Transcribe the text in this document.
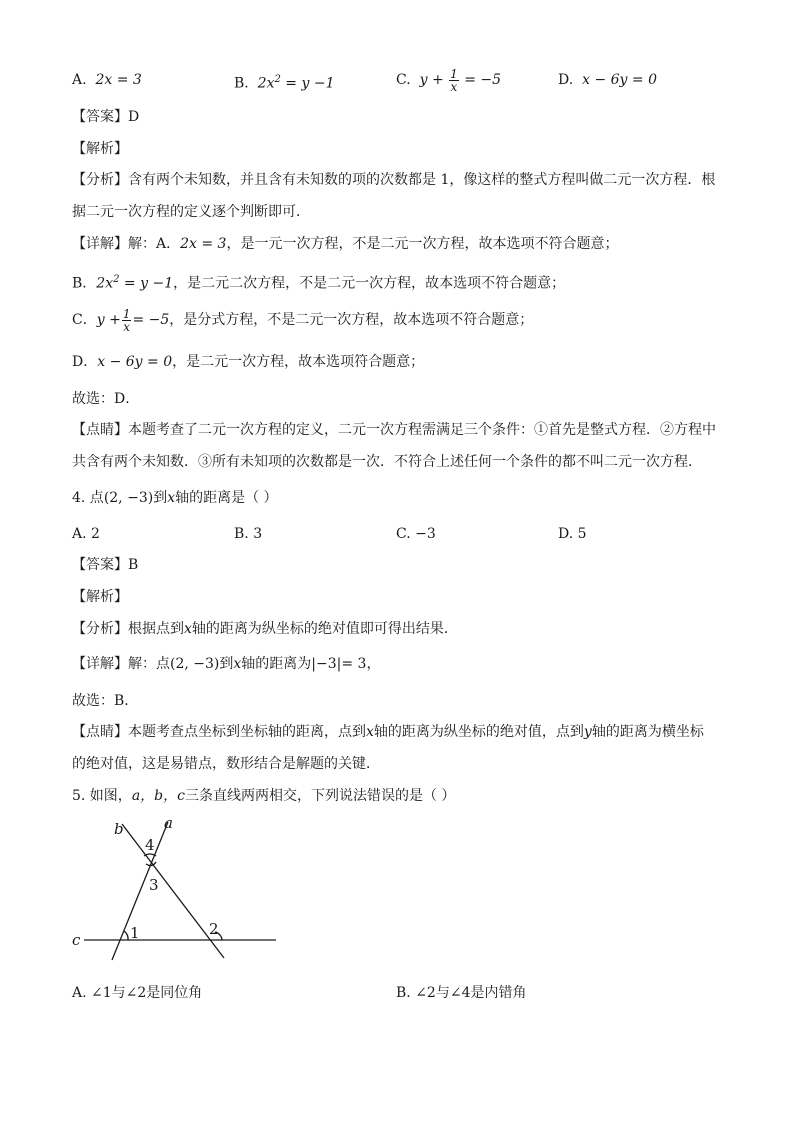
A. 2x = 3	B. $2x^2 = y -1$	C. $y + \frac{1}{x} = -5$	D. x − 6y = 0
【答案】D
【解析】
【分析】含有两个未知数，并且含有未知数的项的次数都是 1，像这样的整式方程叫做二元一次方程．根
据二元一次方程的定义逐个判断即可．
【详解】解：A．2x = 3，是一元一次方程，不是二元一次方程，故本选项不符合题意；
B．$2x^2 = y -1$，是二元二次方程，不是二元一次方程，故本选项不符合题意；
C．$y + \frac{1}{x} = -5$，是分式方程，不是二元一次方程，故本选项不符合题意；
D．x − 6y = 0，是二元一次方程，故本选项符合题意；
故选：D．
【点睛】本题考查了二元一次方程的定义，二元一次方程需满足三个条件：①首先是整式方程．②方程中
共含有两个未知数．③所有未知项的次数都是一次．不符合上述任何一个条件的都不叫二元一次方程．
4. 点(2, −3)到x轴的距离是（ ）
A. 2	B. 3	C. −3	D. 5
【答案】B
【解析】
【分析】根据点到x轴的距离为纵坐标的绝对值即可得出结果．
【详解】解：点(2, −3)到x轴的距离为|−3|= 3，
故选：B．
【点睛】本题考查点坐标到坐标轴的距离，点到x轴的距离为纵坐标的绝对值，点到y轴的距离为横坐标
的绝对值，这是易错点，数形结合是解题的关键．
5. 如图，a，b，c三条直线两两相交，下列说法错误的是（ ）
b	a
c
4
3
1	2
A. ∠1与∠2是同位角	B. ∠2与∠4是内错角
